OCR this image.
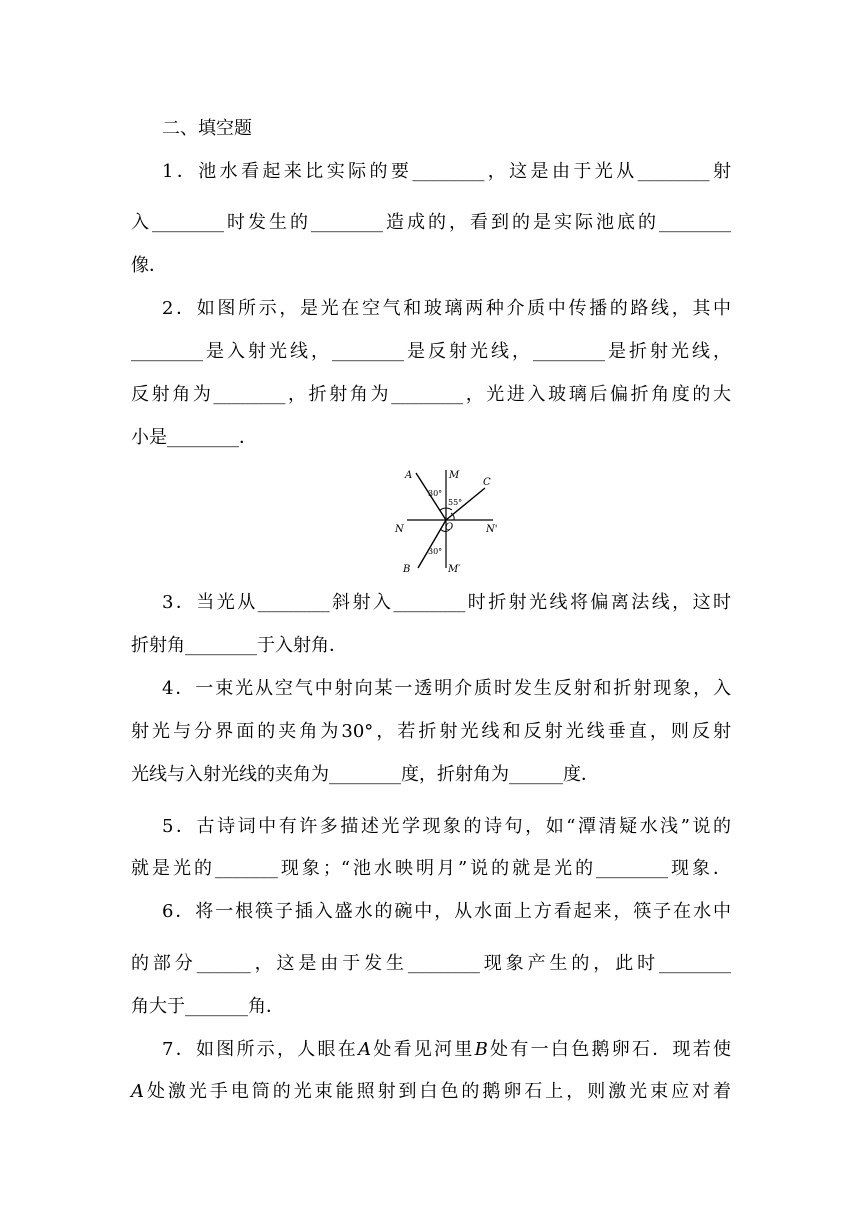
二、填空题
1．池水看起来比实际的要________，这是由于光从________射
入________时发生的________造成的，看到的是实际池底的________
像．
2．如图所示，是光在空气和玻璃两种介质中传播的路线，其中
________是入射光线，________是反射光线，________是折射光线，
反射角为________，折射角为________，光进入玻璃后偏折角度的大
小是________．
A	M
C
N	O	N'
B	M′
30°
55°
30°
3．当光从________斜射入________时折射光线将偏离法线，这时
折射角________于入射角．
4．一束光从空气中射向某一透明介质时发生反射和折射现象，入
射光与分界面的夹角为30°，若折射光线和反射光线垂直，则反射
光线与入射光线的夹角为________度，折射角为______度．
5．古诗词中有许多描述光学现象的诗句，如“潭清疑水浅”说的
就是光的_______现象；“池水映明月”说的就是光的________现象．
6．将一根筷子插入盛水的碗中，从水面上方看起来，筷子在水中
的部分______，这是由于发生________现象产生的，此时________
角大于_______角．
7．如图所示，人眼在A处看见河里B处有一白色鹅卵石．现若使
A处激光手电筒的光束能照射到白色的鹅卵石上，则激光束应对着
